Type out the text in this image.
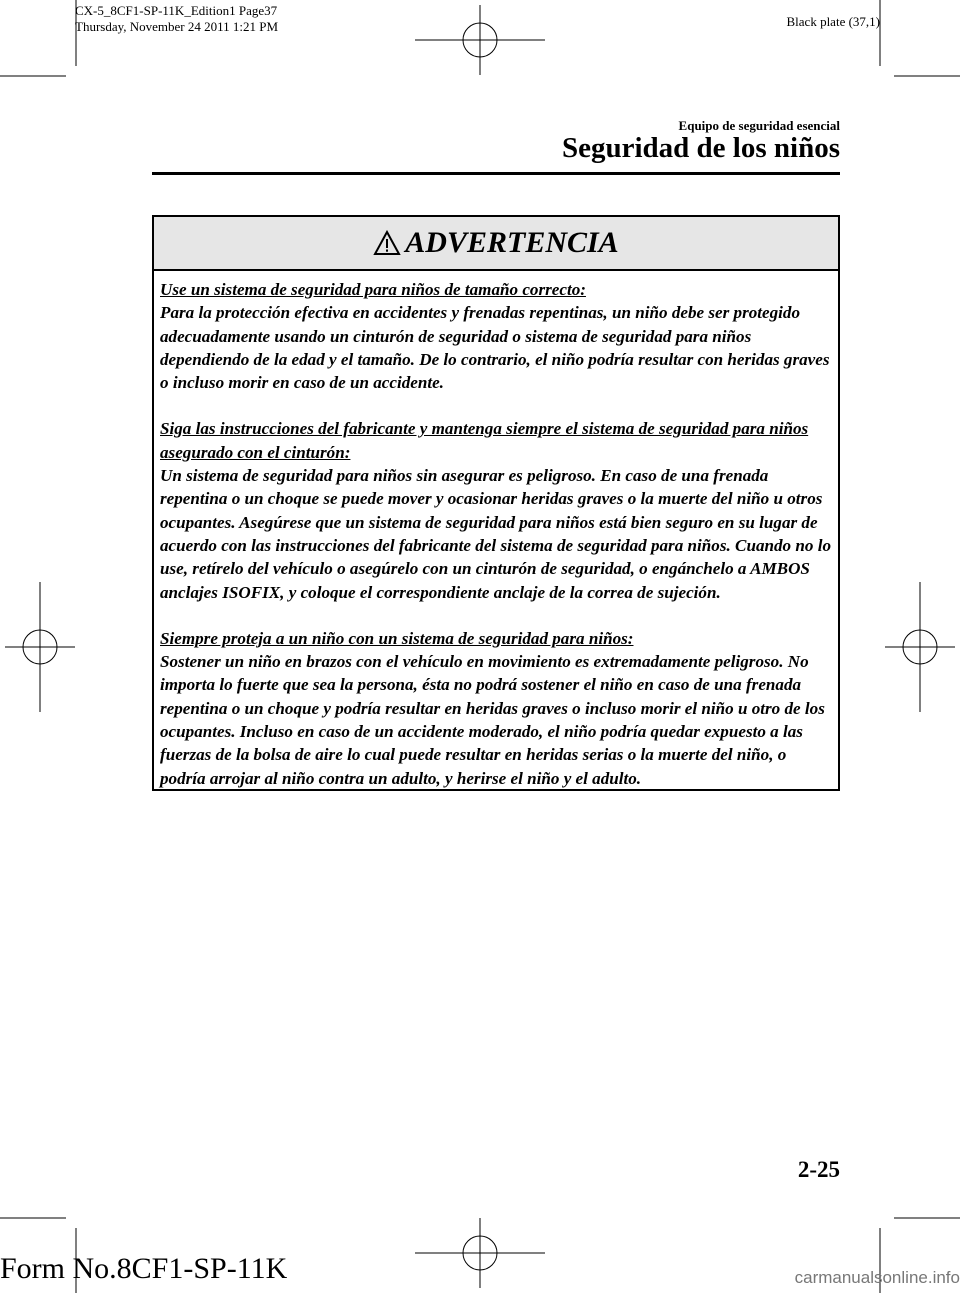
CX-5_8CF1-SP-11K_Edition1 Page37
Thursday, November 24 2011 1:21 PM	Black plate (37,1)
Equipo de seguridad esencial
Seguridad de los niños
ADVERTENCIA

Use un sistema de seguridad para niños de tamaño correcto:
Para la protección efectiva en accidentes y frenadas repentinas, un niño debe ser protegido adecuadamente usando un cinturón de seguridad o sistema de seguridad para niños dependiendo de la edad y el tamaño. De lo contrario, el niño podría resultar con heridas graves o incluso morir en caso de un accidente.

Siga las instrucciones del fabricante y mantenga siempre el sistema de seguridad para niños asegurado con el cinturón:
Un sistema de seguridad para niños sin asegurar es peligroso. En caso de una frenada repentina o un choque se puede mover y ocasionar heridas graves o la muerte del niño u otros ocupantes. Asegúrese que un sistema de seguridad para niños está bien seguro en su lugar de acuerdo con las instrucciones del fabricante del sistema de seguridad para niños. Cuando no lo use, retírelo del vehículo o asegúrelo con un cinturón de seguridad, o engánchelo a AMBOS anclajes ISOFIX, y coloque el correspondiente anclaje de la correa de sujeción.

Siempre proteja a un niño con un sistema de seguridad para niños:
Sostener un niño en brazos con el vehículo en movimiento es extremadamente peligroso. No importa lo fuerte que sea la persona, ésta no podrá sostener el niño en caso de una frenada repentina o un choque y podría resultar en heridas graves o incluso morir el niño u otro de los ocupantes. Incluso en caso de un accidente moderado, el niño podría quedar expuesto a las fuerzas de la bolsa de aire lo cual puede resultar en heridas serias o la muerte del niño, o podría arrojar al niño contra un adulto, y herirse el niño y el adulto.

2-25
Form No.8CF1-SP-11K	carmanualsonline.info
